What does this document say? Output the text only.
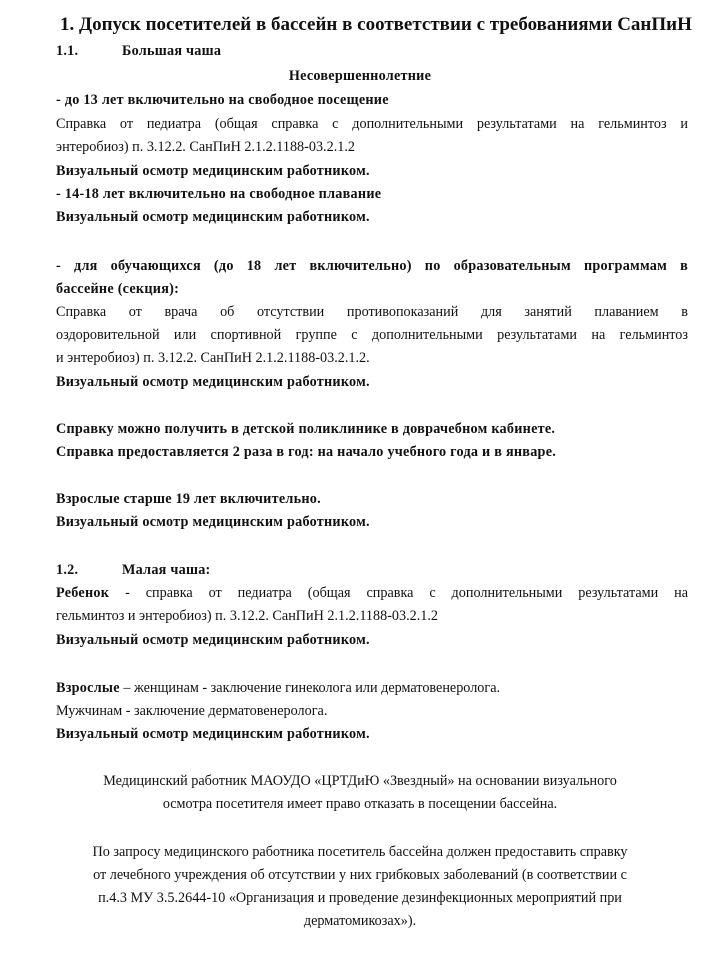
1. Допуск посетителей в бассейн в соответствии с требованиями СанПиН
1.1.	Большая чаша
Несовершеннолетние
- до 13 лет включительно на свободное посещение
Справка от педиатра (общая справка с дополнительными результатами на гельминтоз и
энтеробиоз) п. 3.12.2. СанПиН 2.1.2.1188-03.2.1.2
Визуальный осмотр медицинским работником.
- 14-18 лет включительно на свободное плавание
Визуальный осмотр медицинским работником.
- для обучающихся (до 18 лет включительно) по образовательным программам в
бассейне (секция):
Справка от врача об отсутствии противопоказаний для занятий плаванием в
оздоровительной или спортивной группе с дополнительными результатами на гельминтоз
и энтеробиоз) п. 3.12.2. СанПиН 2.1.2.1188-03.2.1.2.
Визуальный осмотр медицинским работником.
Справку можно получить в детской поликлинике в доврачебном кабинете.
Справка предоставляется 2 раза в год: на начало учебного года и в январе.
Взрослые старше 19 лет включительно.
Визуальный осмотр медицинским работником.
1.2.	Малая чаша:
Ребенок - справка от педиатра (общая справка с дополнительными результатами на
гельминтоз и энтеробиоз) п. 3.12.2. СанПиН 2.1.2.1188-03.2.1.2
Визуальный осмотр медицинским работником.
Взрослые – женщинам - заключение гинеколога или дерматовенеролога.
Мужчинам - заключение дерматовенеролога.
Визуальный осмотр медицинским работником.
Медицинский работник МАОУДО «ЦРТДиЮ «Звездный» на основании визуального
осмотра посетителя имеет право отказать в посещении бассейна.
По запросу медицинского работника посетитель бассейна должен предоставить справку
от лечебного учреждения об отсутствии у них грибковых заболеваний (в соответствии с
п.4.3 МУ 3.5.2644-10 «Организация и проведение дезинфекционных мероприятий при
дерматомикозах»).
